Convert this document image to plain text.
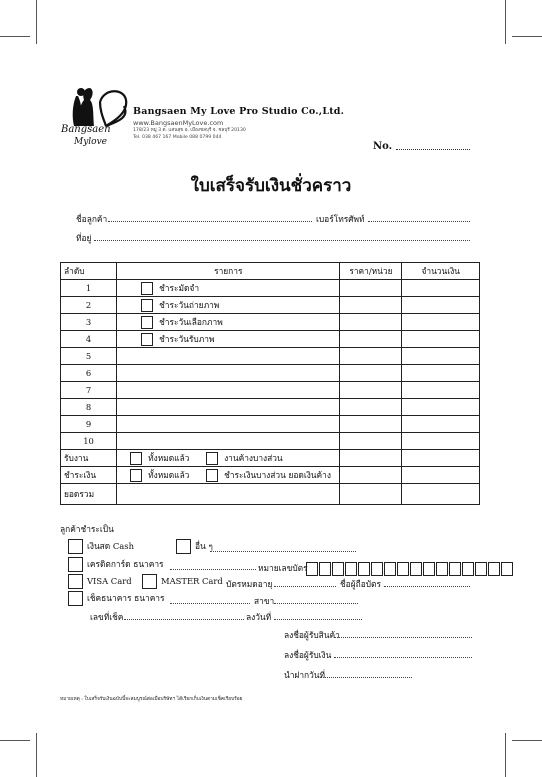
Bangsaen
Mylove
Bangsaen My Love Pro Studio Co.,Ltd.
www.BangsaenMyLove.com
178/23 หมู่ 3 ต. แสนสุข อ. เมืองชลบุรี จ. ชลบุรี 20130
Tel. 038 467 167 Mobile 088 0799 044
No.
ใบเสร็จรับเงินชั่วคราว
ชื่อลูกค้า	เบอร์โทรศัพท์
ที่อยู่
ลำดับ	รายการ	ราคา/หน่วย	จำนวนเงิน
1	ชำระมัดจำ		
2	ชำระวันถ่ายภาพ		
3	ชำระวันเลือกภาพ		
4	ชำระวันรับภาพ		
5			
6			
7			
8			
9			
10			
รับงาน	ทั้งหมดแล้ว งานค้างบางส่วน		
ชำระเงิน	ทั้งหมดแล้ว ชำระเงินบางส่วน ยอดเงินค้าง		
ยอดรวม			
ลูกค้าชำระเป็น
เงินสด Cash	อื่น ๆ
เครดิตการ์ด ธนาคาร	หมายเลขบัตร
VISA Card	MASTER Card บัตรหมดอายุ	ชื่อผู้ถือบัตร
เช็คธนาคาร ธนาคาร	สาขา
เลขที่เช็ค	ลงวันที่
ลงชื่อผู้รับสินค้า
ลงชื่อผู้รับเงิน
นำฝากวันที่
หมายเหตุ : ใบเสร็จรับเงินฉบับนี้จะสมบูรณ์ต่อเมื่อบริษัทฯ ได้เรียกเก็บเงินตามเช็คเรียบร้อย
